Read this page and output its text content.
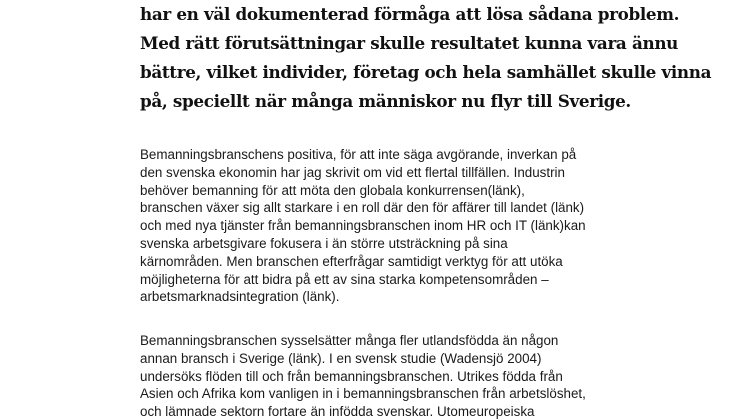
har en väl dokumenterad förmåga att lösa sådana problem.
Med rätt förutsättningar skulle resultatet kunna vara ännu
bättre, vilket individer, företag och hela samhället skulle vinna
på, speciellt när många människor nu flyr till Sverige.
Bemanningsbranschens positiva, för att inte säga avgörande, inverkan på
den svenska ekonomin har jag skrivit om vid ett flertal tillfällen. Industrin
behöver bemanning för att möta den globala konkurrensen(länk),
branschen växer sig allt starkare i en roll där den för affärer till landet (länk)
och med nya tjänster från bemanningsbranschen inom HR och IT (länk)kan
svenska arbetsgivare fokusera i än större utsträckning på sina
kärnområden. Men branschen efterfrågar samtidigt verktyg för att utöka
möjligheterna för att bidra på ett av sina starka kompetensområden –
arbetsmarknadsintegration (länk).
Bemanningsbranschen sysselsätter många fler utlandsfödda än någon
annan bransch i Sverige (länk). I en svensk studie (Wadensjö 2004)
undersöks flöden till och från bemanningsbranschen. Utrikes födda från
Asien och Afrika kom vanligen in i bemanningsbranschen från arbetslöshet,
och lämnade sektorn fortare än infödda svenskar. Utomeuropeiska
